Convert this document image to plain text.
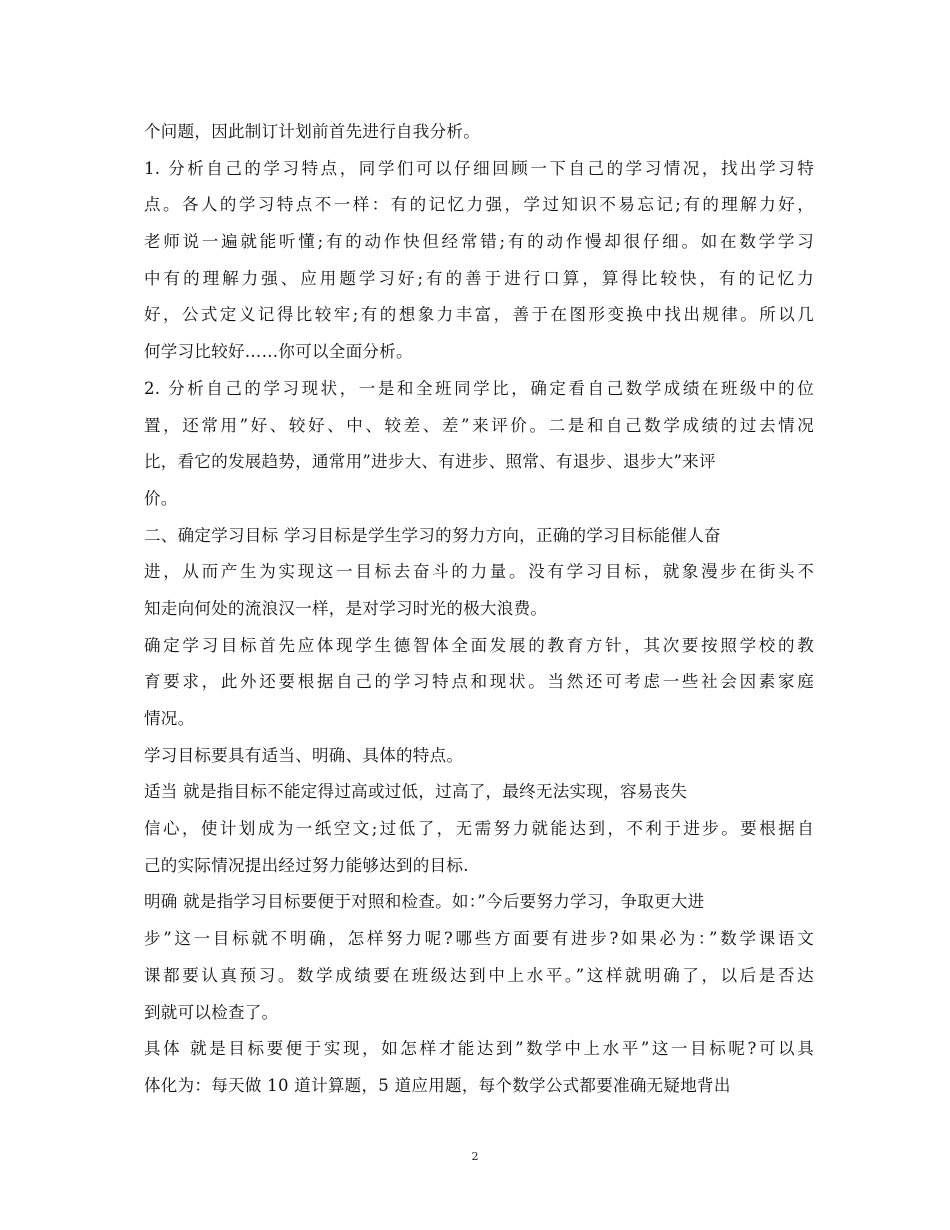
个问题，因此制订计划前首先进行自我分析。
1. 分析自己的学习特点，同学们可以仔细回顾一下自己的学习情况，找出学习特
点。各人的学习特点不一样：有的记忆力强，学过知识不易忘记;有的理解力好，
老师说一遍就能听懂;有的动作快但经常错;有的动作慢却很仔细。如在数学学习
中有的理解力强、应用题学习好;有的善于进行口算，算得比较快，有的记忆力
好，公式定义记得比较牢;有的想象力丰富，善于在图形变换中找出规律。所以几
何学习比较好……你可以全面分析。
2. 分析自己的学习现状，一是和全班同学比，确定看自己数学成绩在班级中的位
置，还常用”好、较好、中、较差、差”来评价。二是和自己数学成绩的过去情况
比，看它的发展趋势，通常用”进步大、有进步、照常、有退步、退步大”来评
价。
二、确定学习目标 学习目标是学生学习的努力方向，正确的学习目标能催人奋
进，从而产生为实现这一目标去奋斗的力量。没有学习目标，就象漫步在街头不
知走向何处的流浪汉一样，是对学习时光的极大浪费。
确定学习目标首先应体现学生德智体全面发展的教育方针，其次要按照学校的教
育要求，此外还要根据自己的学习特点和现状。当然还可考虑一些社会因素家庭
情况。
学习目标要具有适当、明确、具体的特点。
适当 就是指目标不能定得过高或过低，过高了，最终无法实现，容易丧失
信心，使计划成为一纸空文;过低了，无需努力就能达到，不利于进步。要根据自
己的实际情况提出经过努力能够达到的目标.
明确 就是指学习目标要便于对照和检查。如：”今后要努力学习，争取更大进
步”这一目标就不明确，怎样努力呢?哪些方面要有进步?如果必为：”数学课语文
课都要认真预习。数学成绩要在班级达到中上水平。”这样就明确了，以后是否达
到就可以检查了。
具体 就是目标要便于实现，如怎样才能达到”数学中上水平”这一目标呢?可以具
体化为：每天做 10 道计算题，5 道应用题，每个数学公式都要准确无疑地背出
2
